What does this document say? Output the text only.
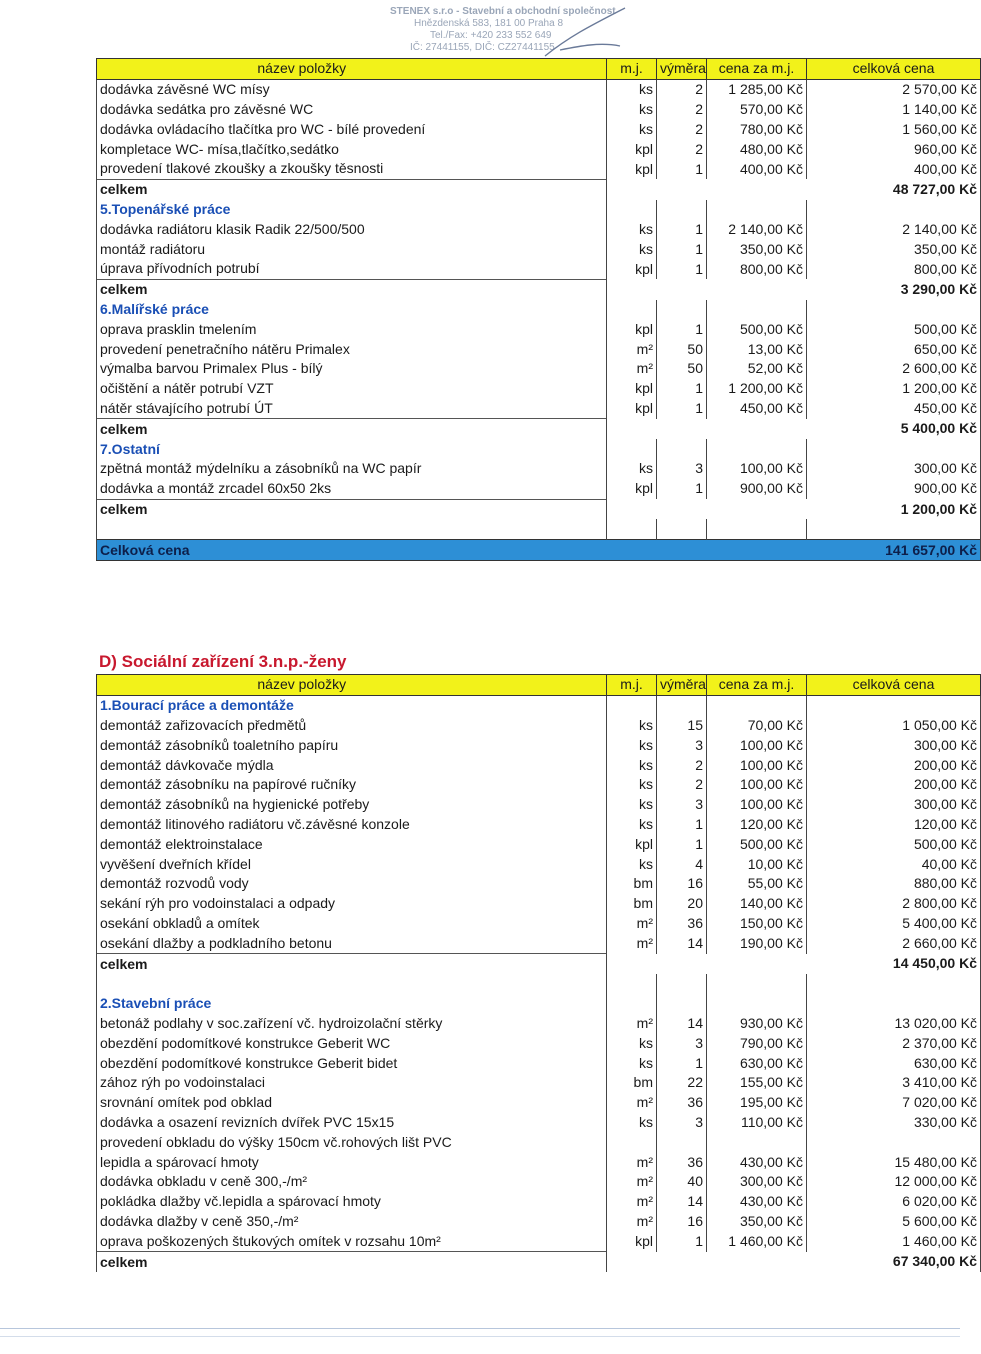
STENEX s.r.o - Stavební a obchodní společnost
Hnězdenská 583, 181 00 Praha 8
Tel./Fax: +420 233 552 649
IČ: 27441155, DIČ: CZ27441155
název položky		m.j.	výměra	cena za m.j.	celková cena
dodávka závěsné WC mísy		ks	2	1 285,00 Kč	2 570,00 Kč
dodávka sedátka pro závěsné WC		ks	2	570,00 Kč	1 140,00 Kč
dodávka ovládacího tlačítka pro WC - bílé provedení		ks	2	780,00 Kč	1 560,00 Kč
kompletace WC- mísa,tlačítko,sedátko		kpl	2	480,00 Kč	960,00 Kč
provedení tlakové zkoušky a zkoušky těsnosti		kpl	1	400,00 Kč	400,00 Kč
celkem					48 727,00 Kč
5.Topenářské práce					
dodávka radiátoru klasik Radik 22/500/500		ks	1	2 140,00 Kč	2 140,00 Kč
montáž radiátoru		ks	1	350,00 Kč	350,00 Kč
úprava přívodních potrubí		kpl	1	800,00 Kč	800,00 Kč
celkem					3 290,00 Kč
6.Malířské práce					
oprava prasklin tmelením		kpl	1	500,00 Kč	500,00 Kč
provedení penetračního nátěru Primalex		m²	50	13,00 Kč	650,00 Kč
výmalba barvou Primalex Plus - bílý		m²	50	52,00 Kč	2 600,00 Kč
očištění a nátěr potrubí VZT		kpl	1	1 200,00 Kč	1 200,00 Kč
nátěr stávajícího potrubí ÚT		kpl	1	450,00 Kč	450,00 Kč
celkem					5 400,00 Kč
7.Ostatní					
zpětná montáž mýdelníku a zásobníků na WC papír		ks	3	100,00 Kč	300,00 Kč
dodávka a montáž zrcadel 60x50 2ks		kpl	1	900,00 Kč	900,00 Kč
celkem					1 200,00 Kč

Celková cena					141 657,00 Kč
D) Sociální zařízení 3.n.p.-ženy
název položky		m.j.	výměra	cena za m.j.	celková cena
1.Bourací práce a demontáže					
demontáž zařizovacích předmětů		ks	15	70,00 Kč	1 050,00 Kč
demontáž zásobníků toaletního papíru		ks	3	100,00 Kč	300,00 Kč
demontáž dávkovače mýdla		ks	2	100,00 Kč	200,00 Kč
demontáž zásobníku na papírové ručníky		ks	2	100,00 Kč	200,00 Kč
demontáž zásobníků na hygienické potřeby		ks	3	100,00 Kč	300,00 Kč
demontáž litinového radiátoru vč.závěsné konzole		ks	1	120,00 Kč	120,00 Kč
demontáž elektroinstalace		kpl	1	500,00 Kč	500,00 Kč
vyvěšení dveřních křídel		ks	4	10,00 Kč	40,00 Kč
demontáž rozvodů vody		bm	16	55,00 Kč	880,00 Kč
sekání rýh pro vodoinstalaci a odpady		bm	20	140,00 Kč	2 800,00 Kč
osekání obkladů a omítek		m²	36	150,00 Kč	5 400,00 Kč
osekání dlažby a podkladního betonu		m²	14	190,00 Kč	2 660,00 Kč
celkem					14 450,00 Kč

2.Stavební práce					
betonáž podlahy v soc.zařízení vč. hydroizolační stěrky		m²	14	930,00 Kč	13 020,00 Kč
obezdění podomítkové konstrukce Geberit WC		ks	3	790,00 Kč	2 370,00 Kč
obezdění podomítkové konstrukce Geberit bidet		ks	1	630,00 Kč	630,00 Kč
zához rýh po vodoinstalaci		bm	22	155,00 Kč	3 410,00 Kč
srovnání omítek pod obklad		m²	36	195,00 Kč	7 020,00 Kč
dodávka a osazení revizních dvířek PVC 15x15		ks	3	110,00 Kč	330,00 Kč
provedení obkladu do výšky 150cm vč.rohových lišt PVC					
lepidla a spárovací hmoty		m²	36	430,00 Kč	15 480,00 Kč
dodávka obkladu v ceně 300,-/m²		m²	40	300,00 Kč	12 000,00 Kč
pokládka dlažby vč.lepidla a spárovací hmoty		m²	14	430,00 Kč	6 020,00 Kč
dodávka dlažby v ceně 350,-/m²		m²	16	350,00 Kč	5 600,00 Kč
oprava poškozených štukových omítek v rozsahu 10m²		kpl	1	1 460,00 Kč	1 460,00 Kč
celkem					67 340,00 Kč
